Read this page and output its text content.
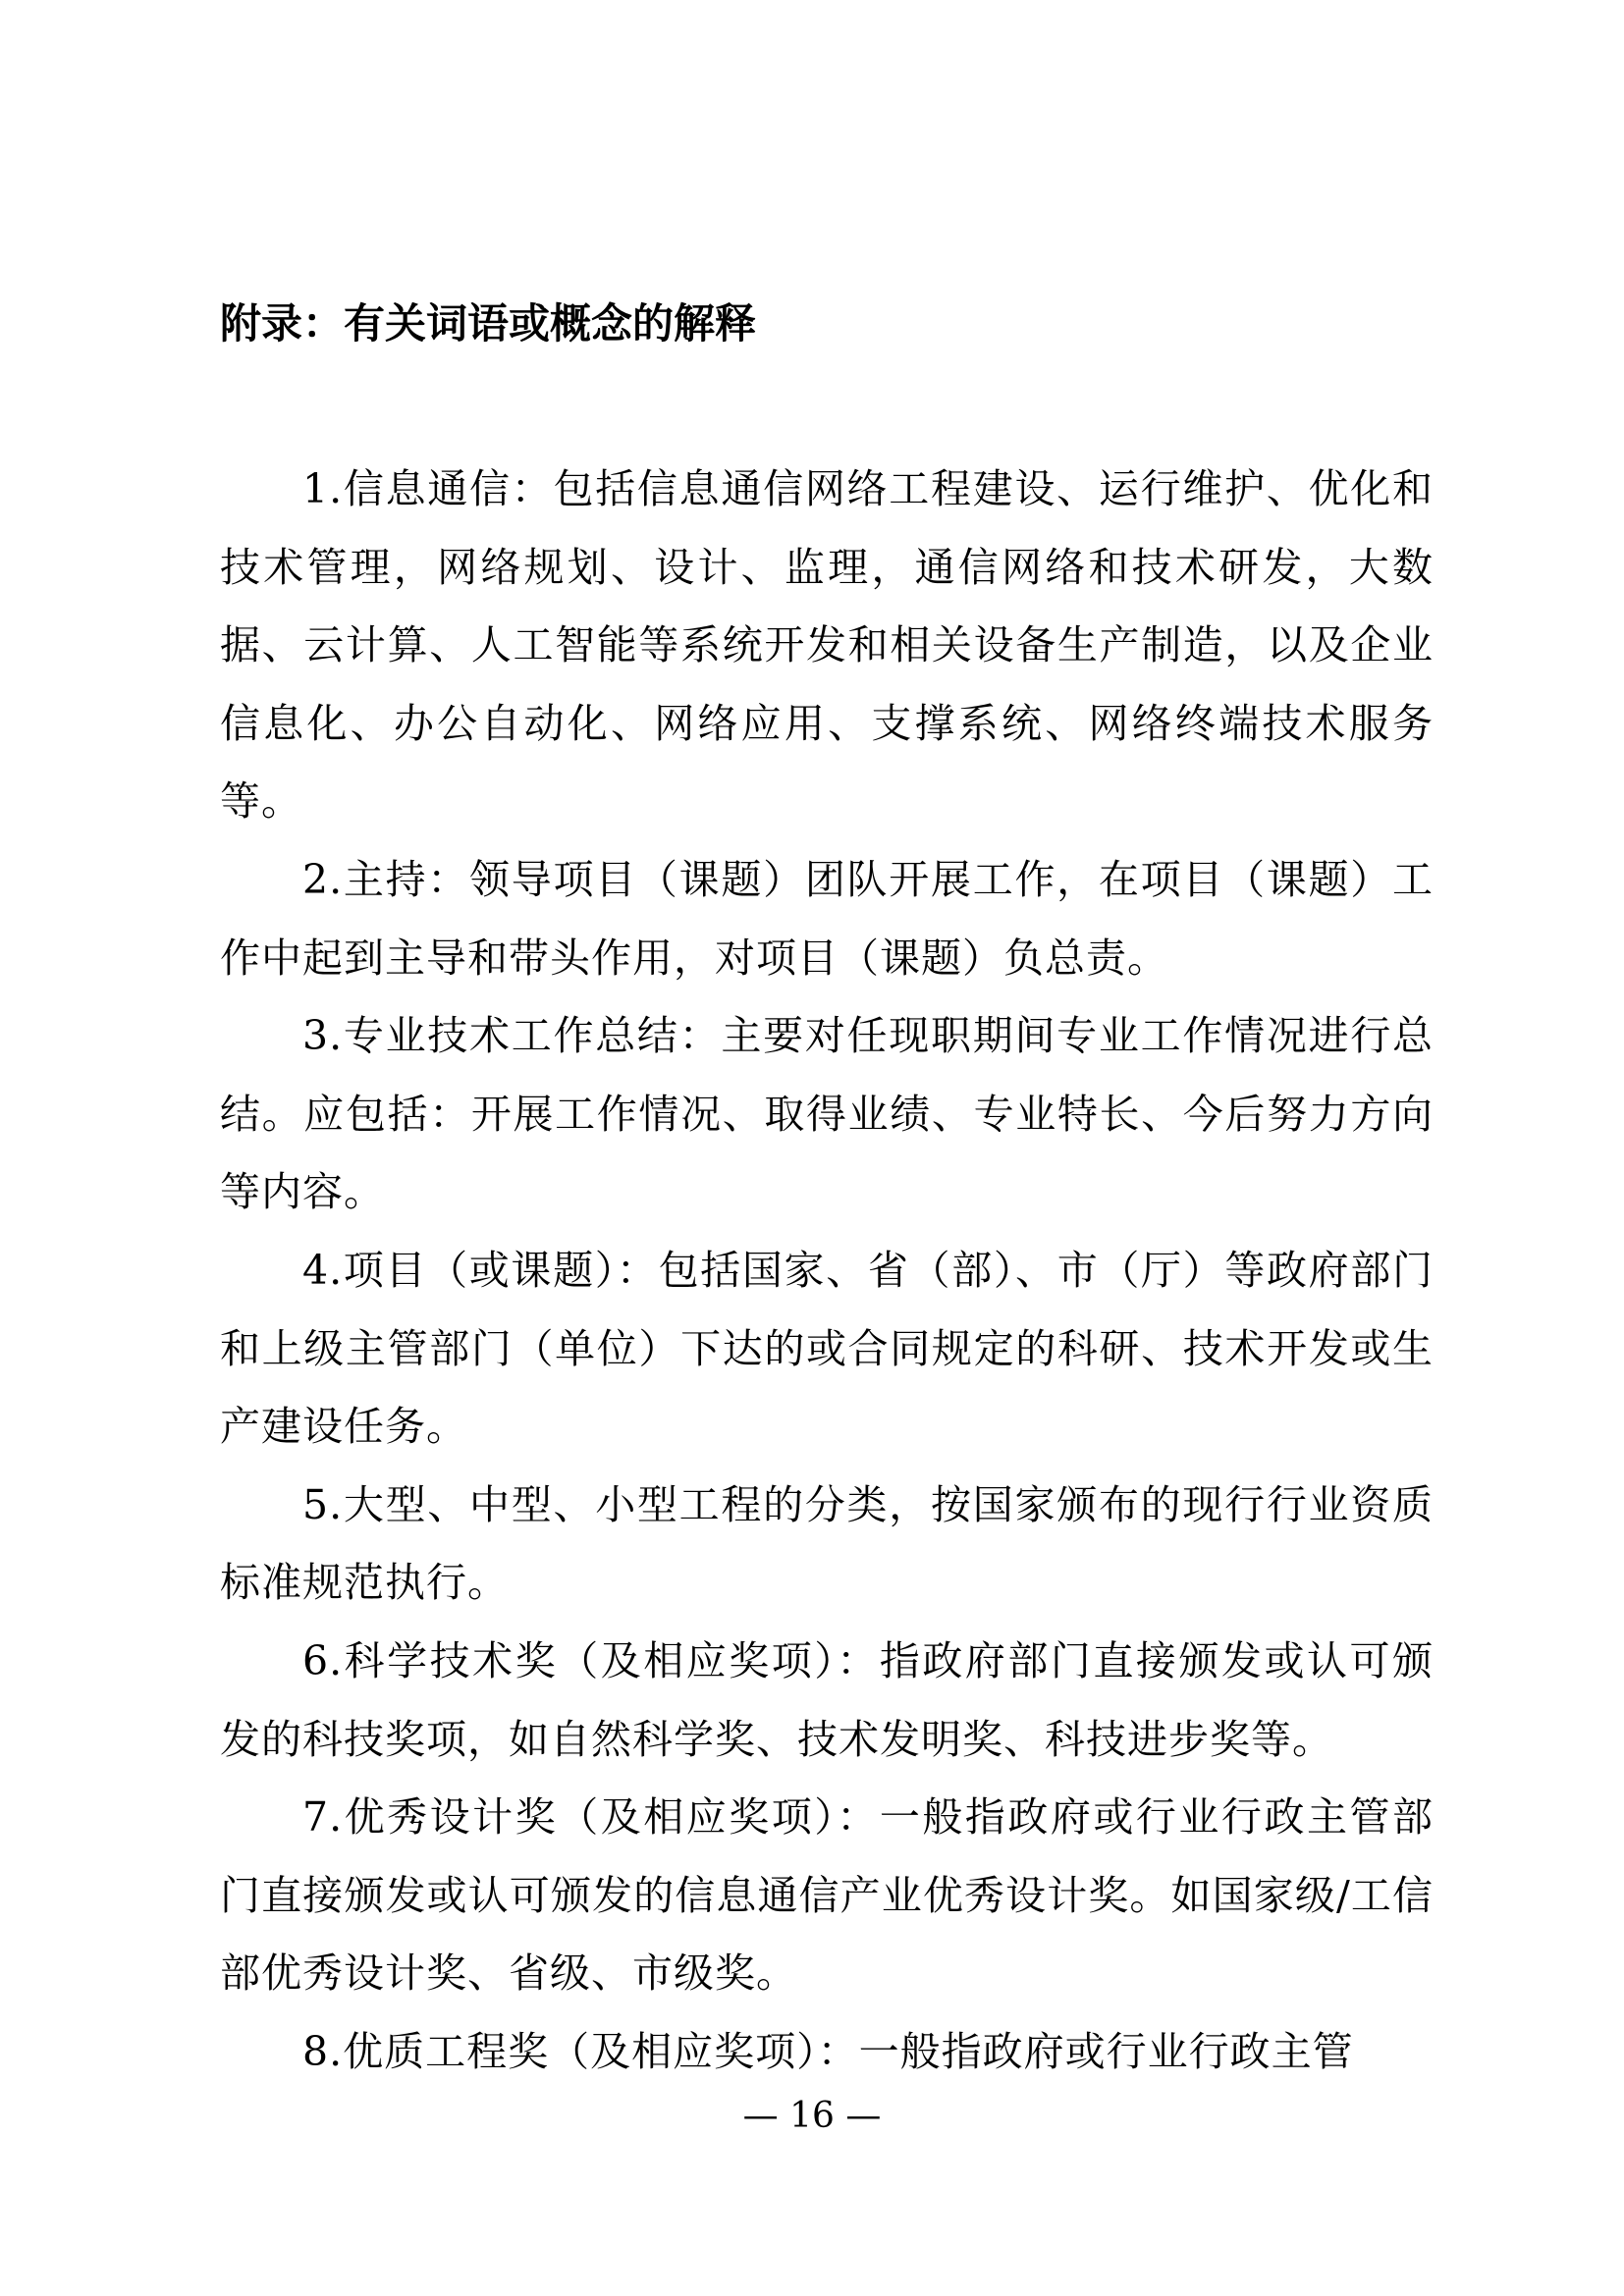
附录：有关词语或概念的解释

1.信息通信：包括信息通信网络工程建设、运行维护、优化和技术管理，网络规划、设计、监理，通信网络和技术研发，大数据、云计算、人工智能等系统开发和相关设备生产制造，以及企业信息化、办公自动化、网络应用、支撑系统、网络终端技术服务等。

2.主持：领导项目（课题）团队开展工作，在项目（课题）工作中起到主导和带头作用，对项目（课题）负总责。

3.专业技术工作总结：主要对任现职期间专业工作情况进行总结。应包括：开展工作情况、取得业绩、专业特长、今后努力方向等内容。

4.项目（或课题）：包括国家、省（部）、市（厅）等政府部门和上级主管部门（单位）下达的或合同规定的科研、技术开发或生产建设任务。

5.大型、中型、小型工程的分类，按国家颁布的现行行业资质标准规范执行。

6.科学技术奖（及相应奖项）：指政府部门直接颁发或认可颁发的科技奖项，如自然科学奖、技术发明奖、科技进步奖等。

7.优秀设计奖（及相应奖项）：一般指政府或行业行政主管部门直接颁发或认可颁发的信息通信产业优秀设计奖。如国家级/工信部优秀设计奖、省级、市级奖。

8.优质工程奖（及相应奖项）：一般指政府或行业行政主管

— 16 —
